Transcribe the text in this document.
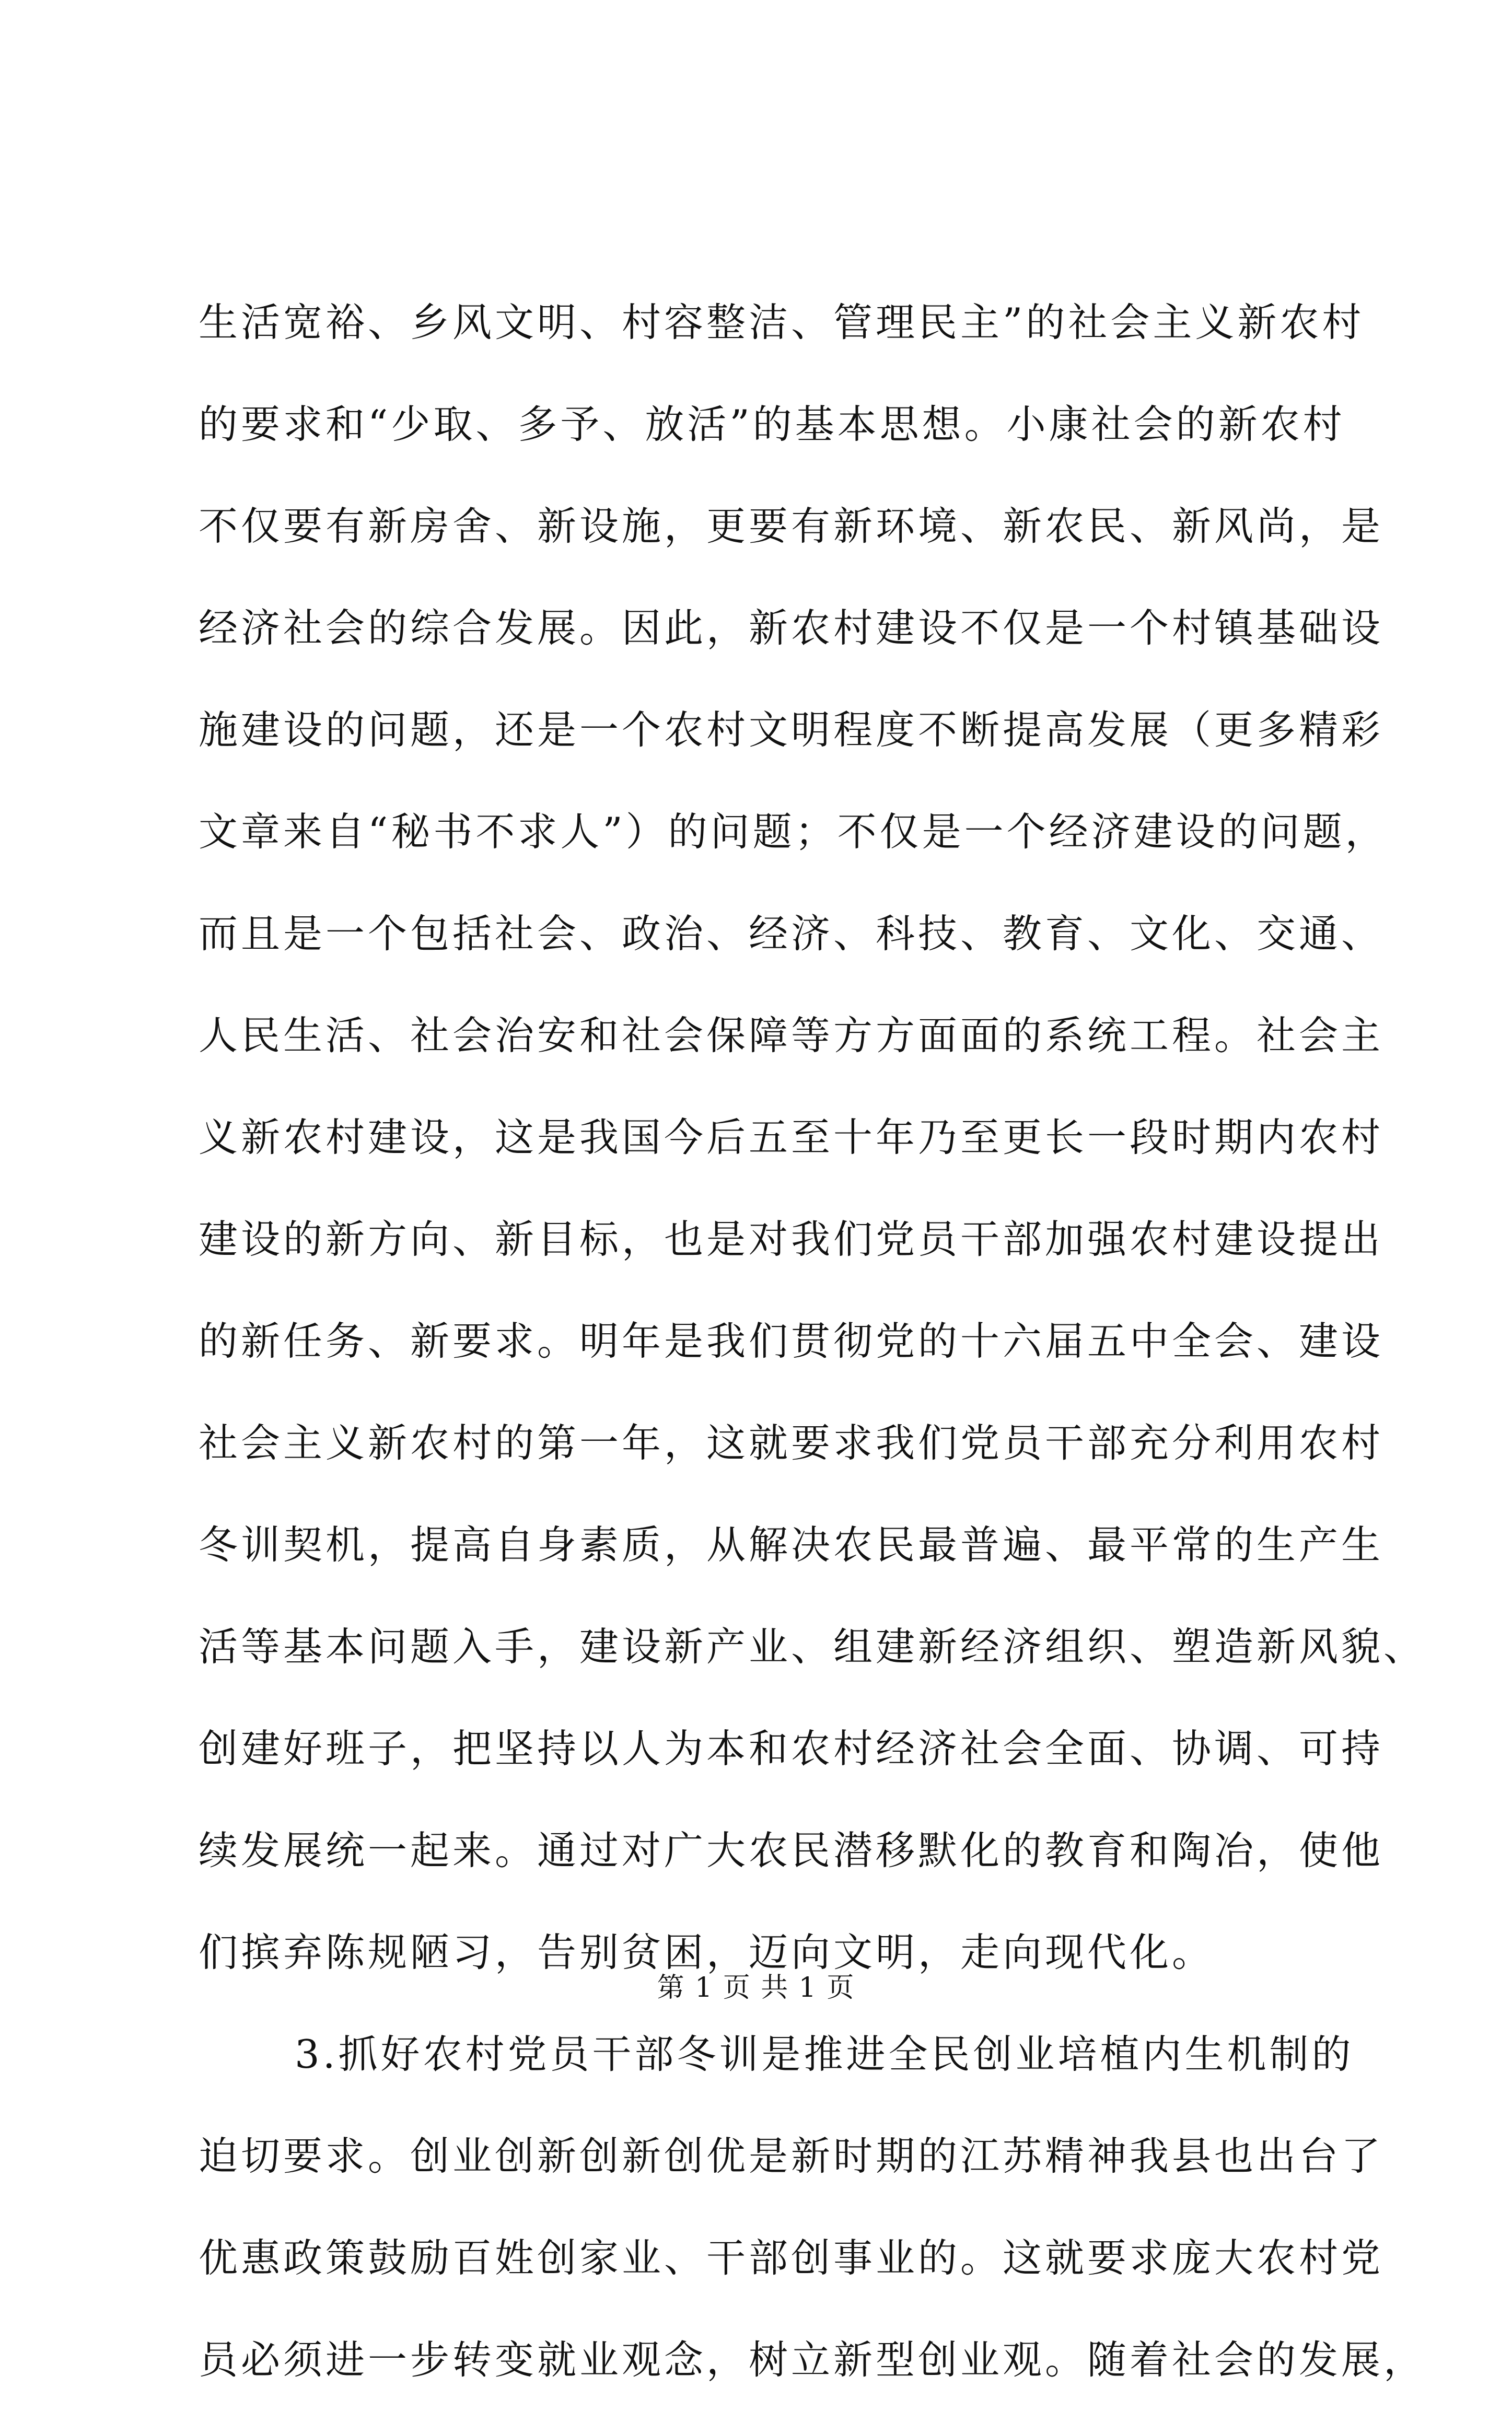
生活宽裕、乡风文明、村容整洁、管理民主”的社会主义新农村
的要求和“少取、多予、放活”的基本思想。小康社会的新农村
不仅要有新房舍、新设施，更要有新环境、新农民、新风尚，是
经济社会的综合发展。因此，新农村建设不仅是一个村镇基础设
施建设的问题，还是一个农村文明程度不断提高发展（更多精彩
文章来自“秘书不求人”）的问题；不仅是一个经济建设的问题，
而且是一个包括社会、政治、经济、科技、教育、文化、交通、
人民生活、社会治安和社会保障等方方面面的系统工程。社会主
义新农村建设，这是我国今后五至十年乃至更长一段时期内农村
建设的新方向、新目标，也是对我们党员干部加强农村建设提出
的新任务、新要求。明年是我们贯彻党的十六届五中全会、建设
社会主义新农村的第一年，这就要求我们党员干部充分利用农村
冬训契机，提高自身素质，从解决农民最普遍、最平常的生产生
活等基本问题入手，建设新产业、组建新经济组织、塑造新风貌、
创建好班子，把坚持以人为本和农村经济社会全面、协调、可持
续发展统一起来。通过对广大农民潜移默化的教育和陶冶，使他
们摈弃陈规陋习，告别贫困，迈向文明，走向现代化。
3.抓好农村党员干部冬训是推进全民创业培植内生机制的
迫切要求。创业创新创新创优是新时期的江苏精神我县也出台了
优惠政策鼓励百姓创家业、干部创事业的。这就要求庞大农村党
员必须进一步转变就业观念，树立新型创业观。随着社会的发展，
第 1 页 共 1 页
